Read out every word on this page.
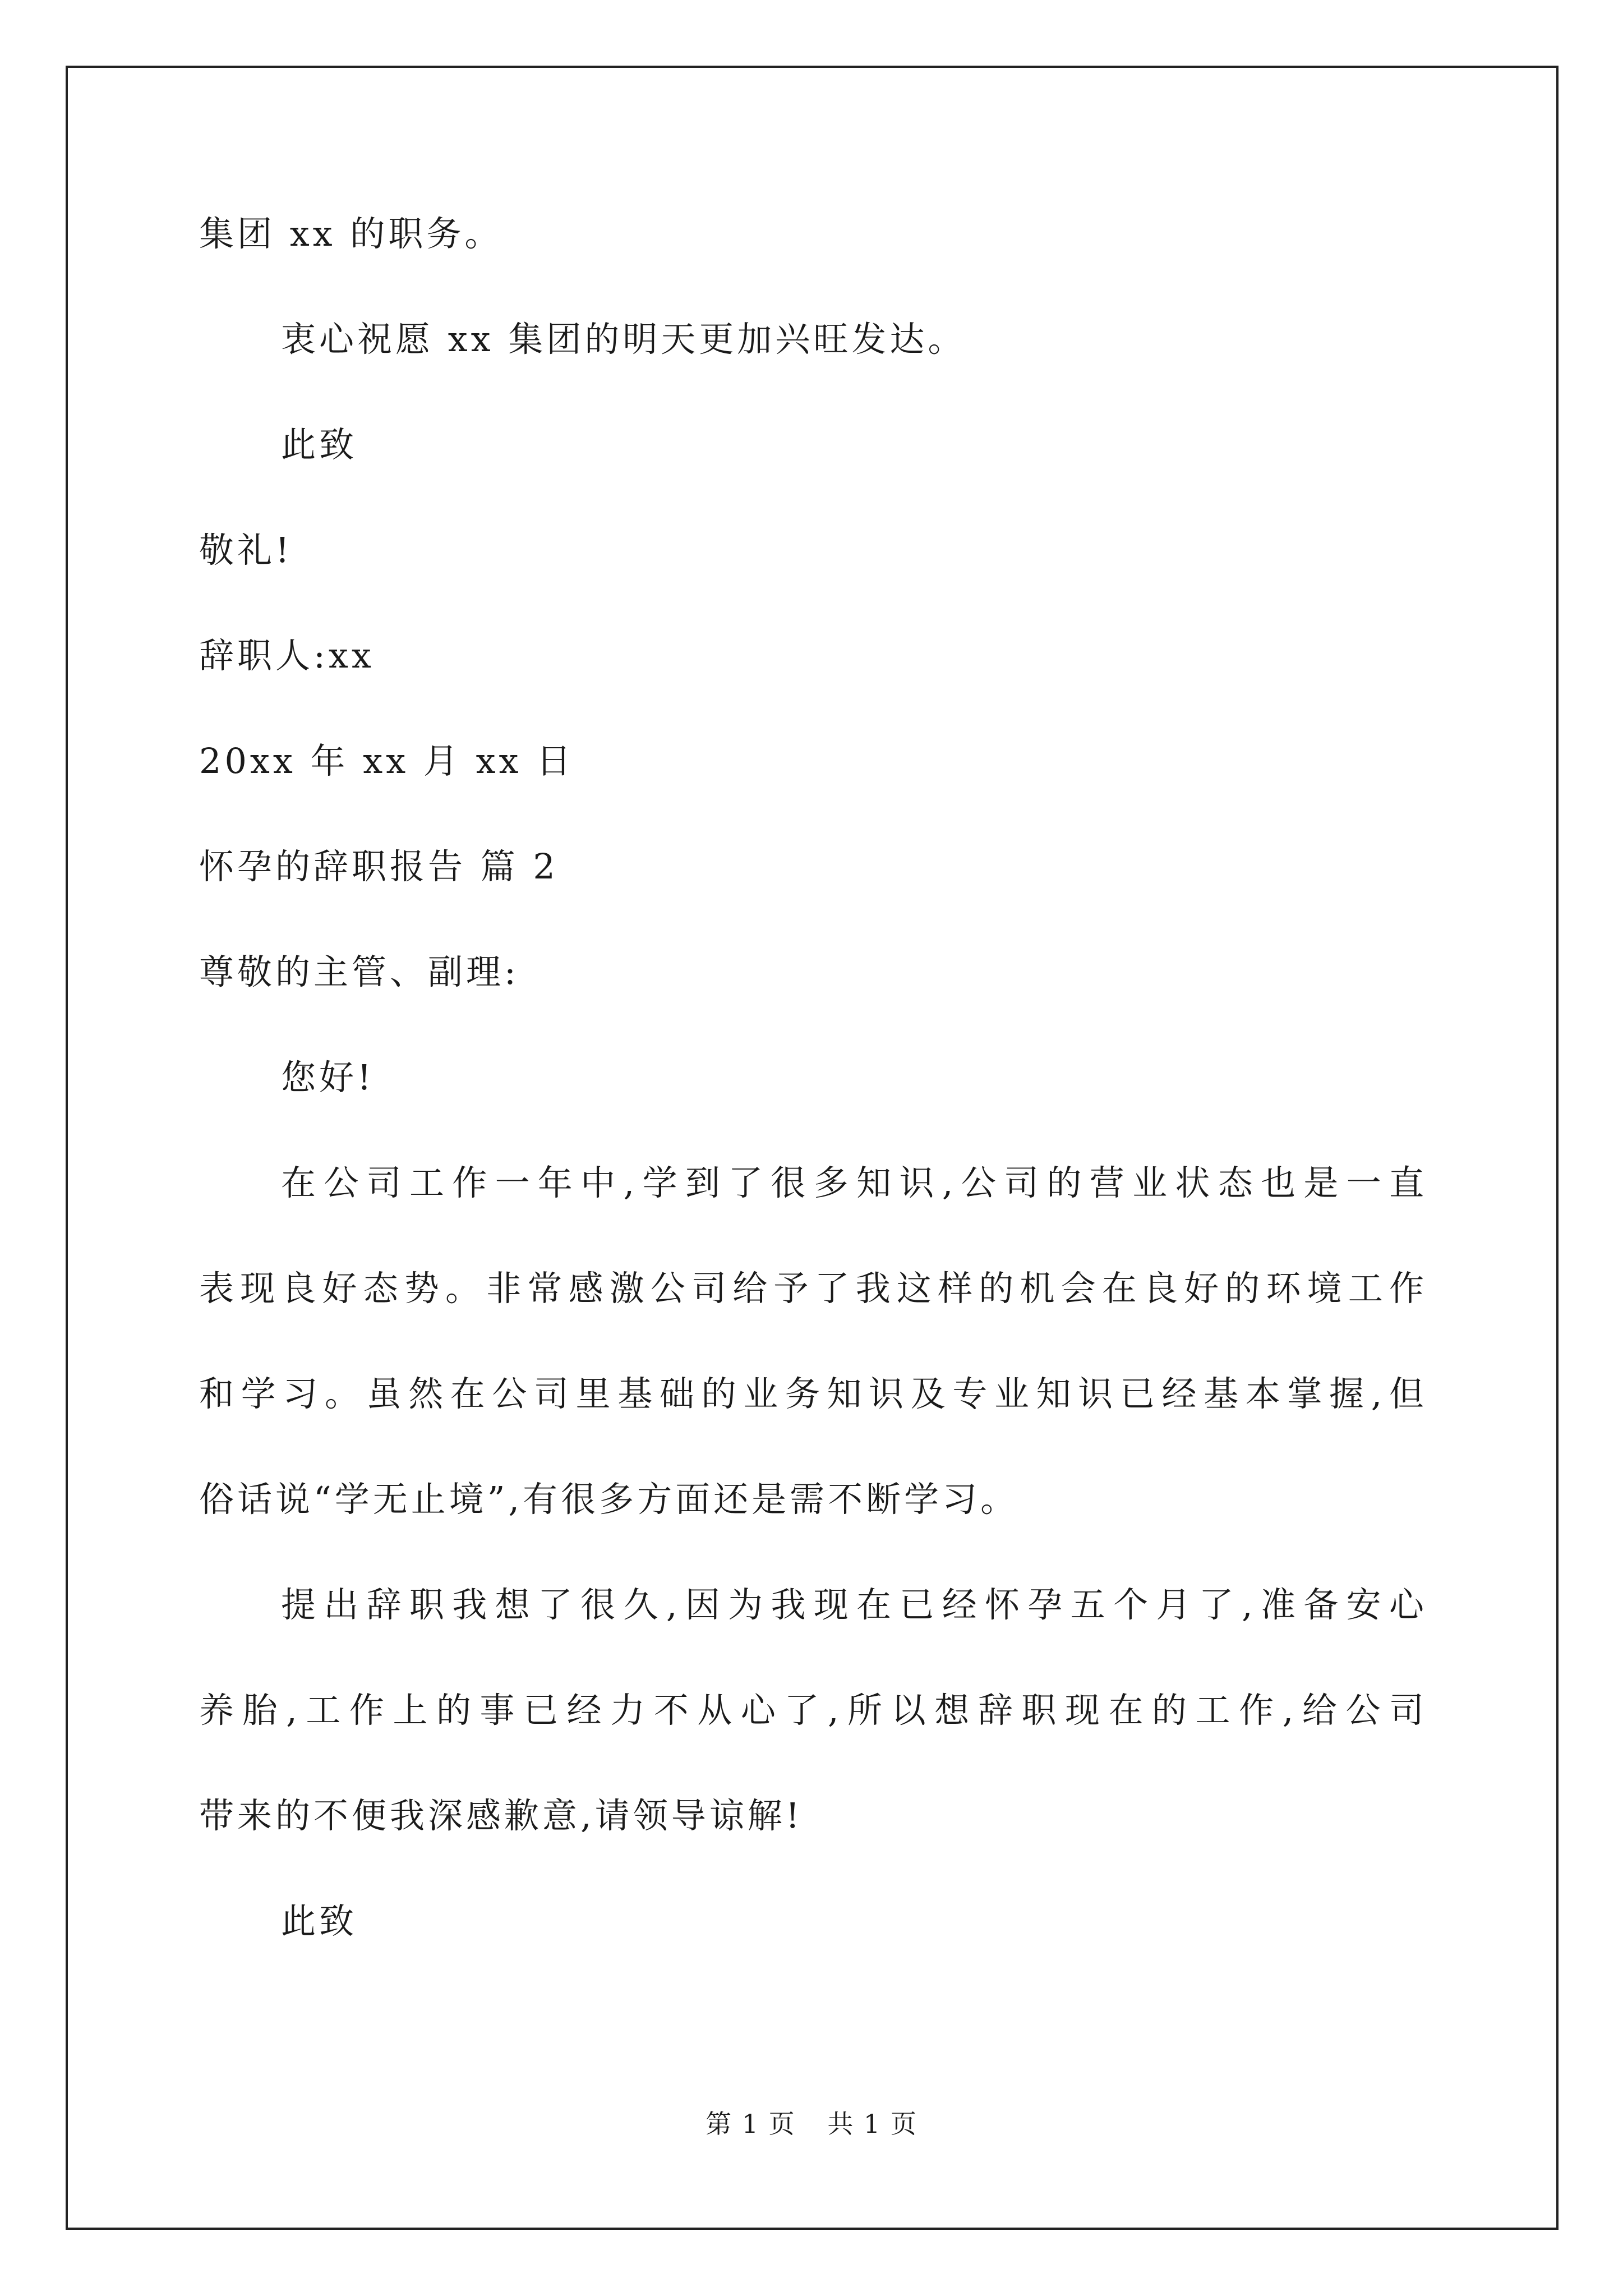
集团 xx 的职务。
衷心祝愿 xx 集团的明天更加兴旺发达。
此致
敬礼!
辞职人:xx
20xx 年 xx 月 xx 日
怀孕的辞职报告 篇 2
尊敬的主管、副理:
您好!
在公司工作一年中,学到了很多知识,公司的营业状态也是一直
表现良好态势。非常感激公司给予了我这样的机会在良好的环境工作
和学习。虽然在公司里基础的业务知识及专业知识已经基本掌握,但
俗话说“学无止境”,有很多方面还是需不断学习。
提出辞职我想了很久,因为我现在已经怀孕五个月了,准备安心
养胎,工作上的事已经力不从心了,所以想辞职现在的工作,给公司
带来的不便我深感歉意,请领导谅解!
此致
第 1 页 共 1 页
